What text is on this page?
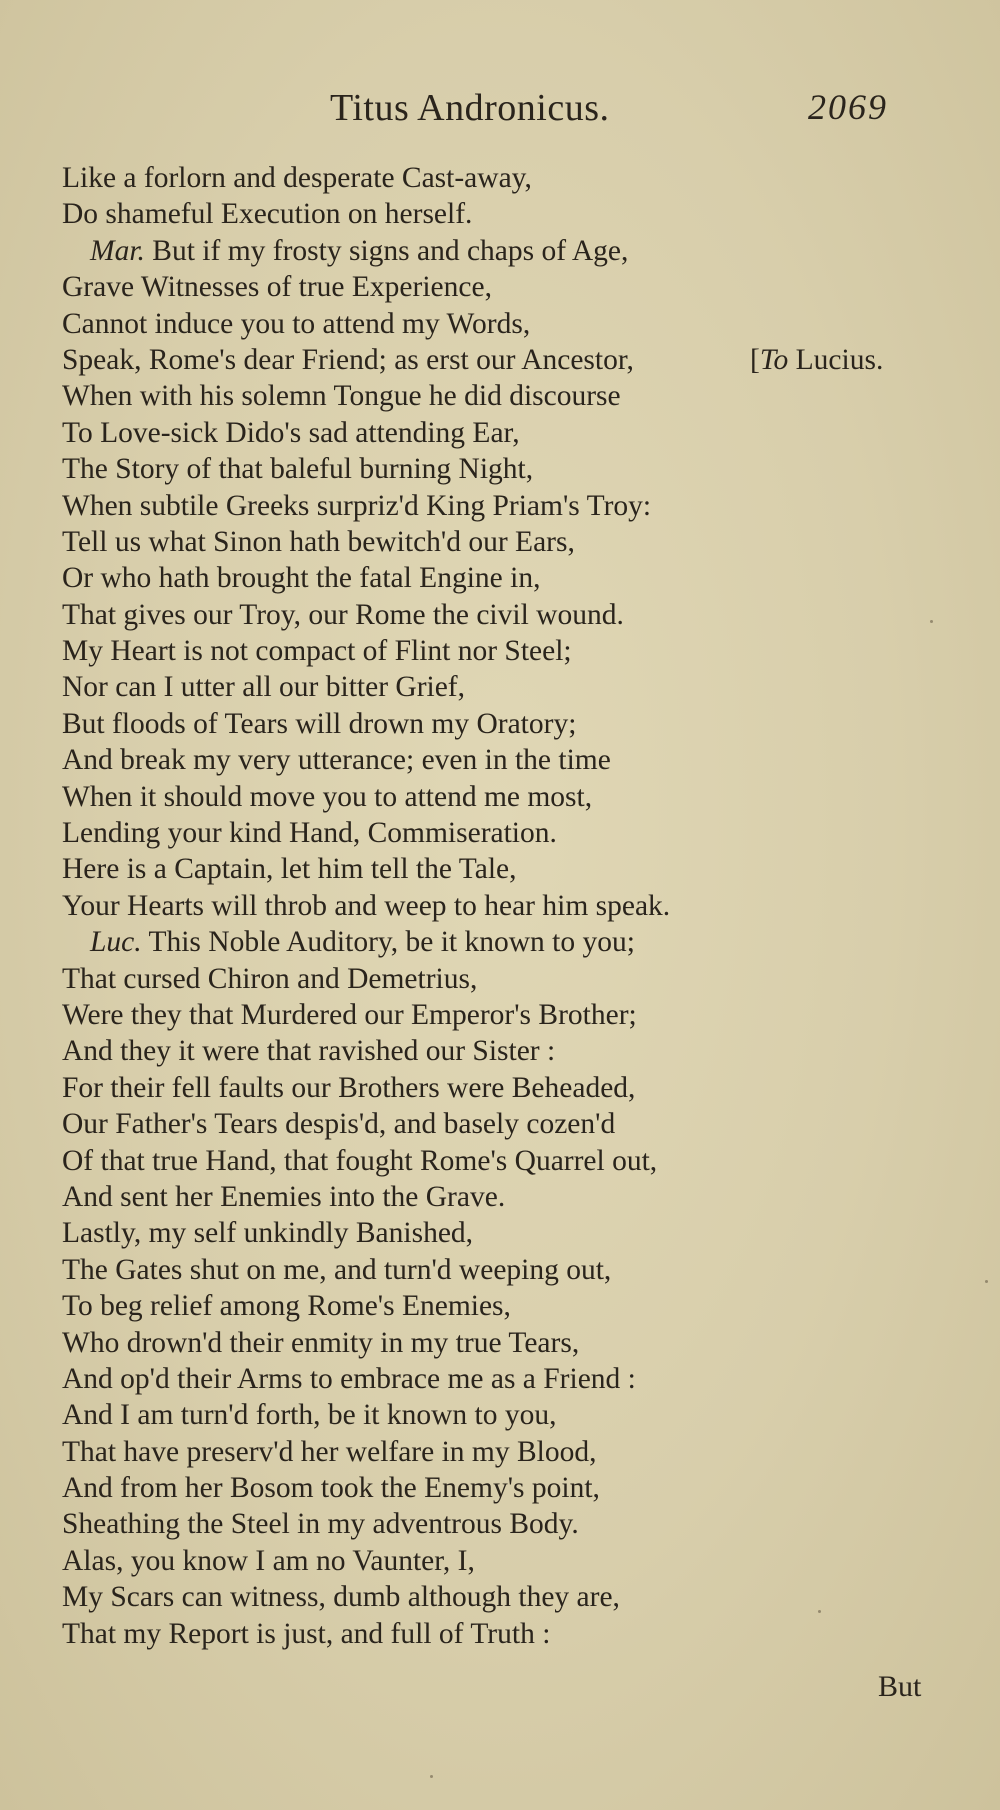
Titus Andronicus.	2069
Like a forlorn and desperate Cast-away,
Do shameful Execution on herself.
Mar. But if my frosty signs and chaps of Age,
Grave Witnesses of true Experience,
Cannot induce you to attend my Words,
Speak, Rome's dear Friend; as erst our Ancestor,	[To Lucius.
When with his solemn Tongue he did discourse
To Love-sick Dido's sad attending Ear,
The Story of that baleful burning Night,
When subtile Greeks surpriz'd King Priam's Troy:
Tell us what Sinon hath bewitch'd our Ears,
Or who hath brought the fatal Engine in,
That gives our Troy, our Rome the civil wound.
My Heart is not compact of Flint nor Steel;
Nor can I utter all our bitter Grief,
But floods of Tears will drown my Oratory;
And break my very utterance; even in the time
When it should move you to attend me most,
Lending your kind Hand, Commiseration.
Here is a Captain, let him tell the Tale,
Your Hearts will throb and weep to hear him speak.
Luc. This Noble Auditory, be it known to you;
That cursed Chiron and Demetrius,
Were they that Murdered our Emperor's Brother;
And they it were that ravished our Sister :
For their fell faults our Brothers were Beheaded,
Our Father's Tears despis'd, and basely cozen'd
Of that true Hand, that fought Rome's Quarrel out,
And sent her Enemies into the Grave.
Lastly, my self unkindly Banished,
The Gates shut on me, and turn'd weeping out,
To beg relief among Rome's Enemies,
Who drown'd their enmity in my true Tears,
And op'd their Arms to embrace me as a Friend :
And I am turn'd forth, be it known to you,
That have preserv'd her welfare in my Blood,
And from her Bosom took the Enemy's point,
Sheathing the Steel in my adventrous Body.
Alas, you know I am no Vaunter, I,
My Scars can witness, dumb although they are,
That my Report is just, and full of Truth :
But
